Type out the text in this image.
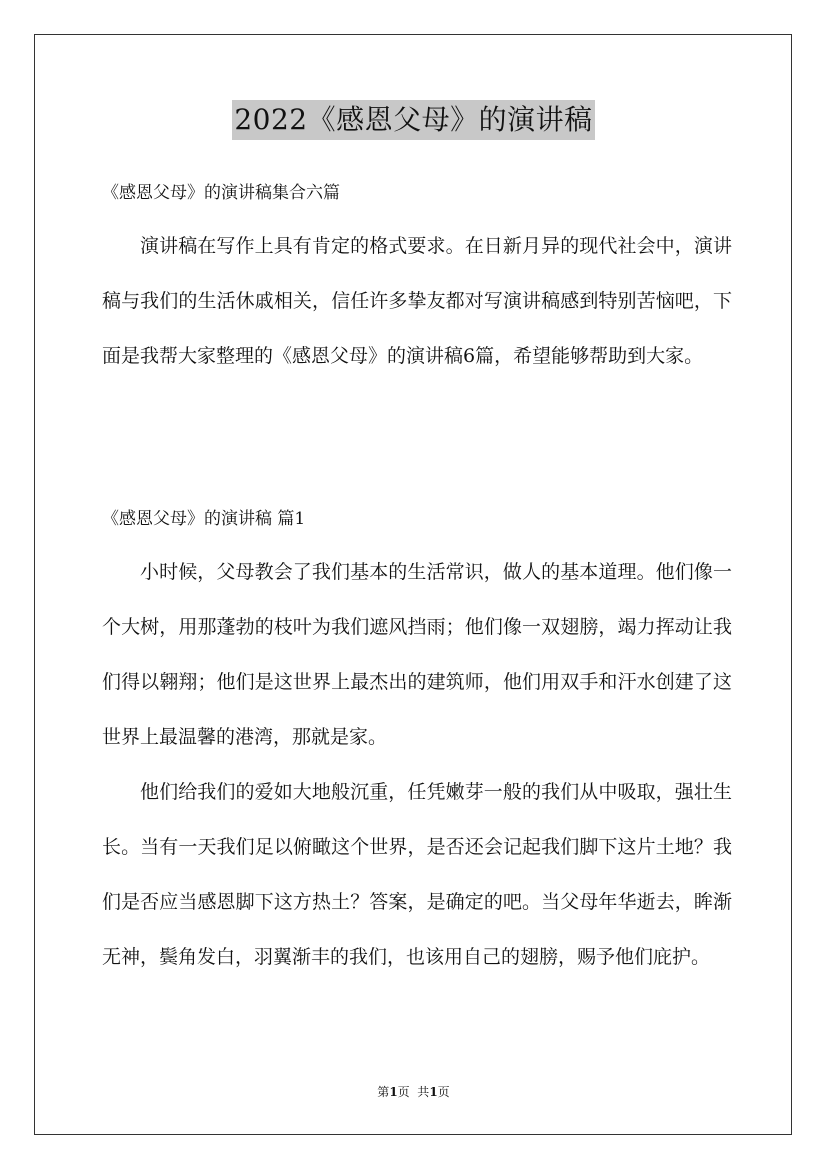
2022《感恩父母》的演讲稿
《感恩父母》的演讲稿集合六篇

演讲稿在写作上具有肯定的格式要求。在日新月异的现代社会中，演讲稿与我们的生活休戚相关，信任许多挚友都对写演讲稿感到特别苦恼吧，下面是我帮大家整理的《感恩父母》的演讲稿6篇，希望能够帮助到大家。

《感恩父母》的演讲稿 篇1

小时候，父母教会了我们基本的生活常识，做人的基本道理。他们像一个大树，用那蓬勃的枝叶为我们遮风挡雨；他们像一双翅膀，竭力挥动让我们得以翱翔；他们是这世界上最杰出的建筑师，他们用双手和汗水创建了这世界上最温馨的港湾，那就是家。

他们给我们的爱如大地般沉重，任凭嫩芽一般的我们从中吸取，强壮生长。当有一天我们足以俯瞰这个世界，是否还会记起我们脚下这片土地？我们是否应当感恩脚下这方热土？答案，是确定的吧。当父母年华逝去，眸渐无神，鬓角发白，羽翼渐丰的我们，也该用自己的翅膀，赐予他们庇护。

第1页  共1页
